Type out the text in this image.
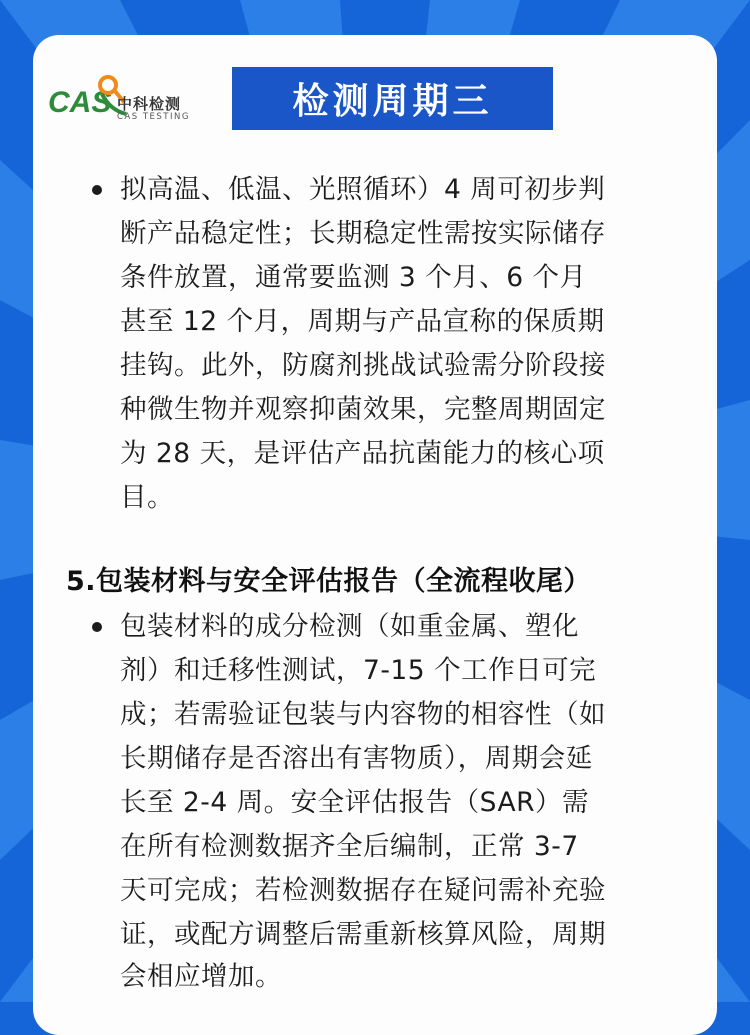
CAS 中科检测
CAS TESTING	检测周期三
拟高温、低温、光照循环）4 周可初步判
断产品稳定性；长期稳定性需按实际储存
条件放置，通常要监测 3 个月、6 个月
甚至 12 个月，周期与产品宣称的保质期
挂钩。此外，防腐剂挑战试验需分阶段接
种微生物并观察抑菌效果，完整周期固定
为 28 天，是评估产品抗菌能力的核心项
目。
5.包装材料与安全评估报告（全流程收尾）
包装材料的成分检测（如重金属、塑化
剂）和迁移性测试，7-15 个工作日可完
成；若需验证包装与内容物的相容性（如
长期储存是否溶出有害物质），周期会延
长至 2-4 周。安全评估报告（SAR）需
在所有检测数据齐全后编制，正常 3-7
天可完成；若检测数据存在疑问需补充验
证，或配方调整后需重新核算风险，周期
会相应增加。
